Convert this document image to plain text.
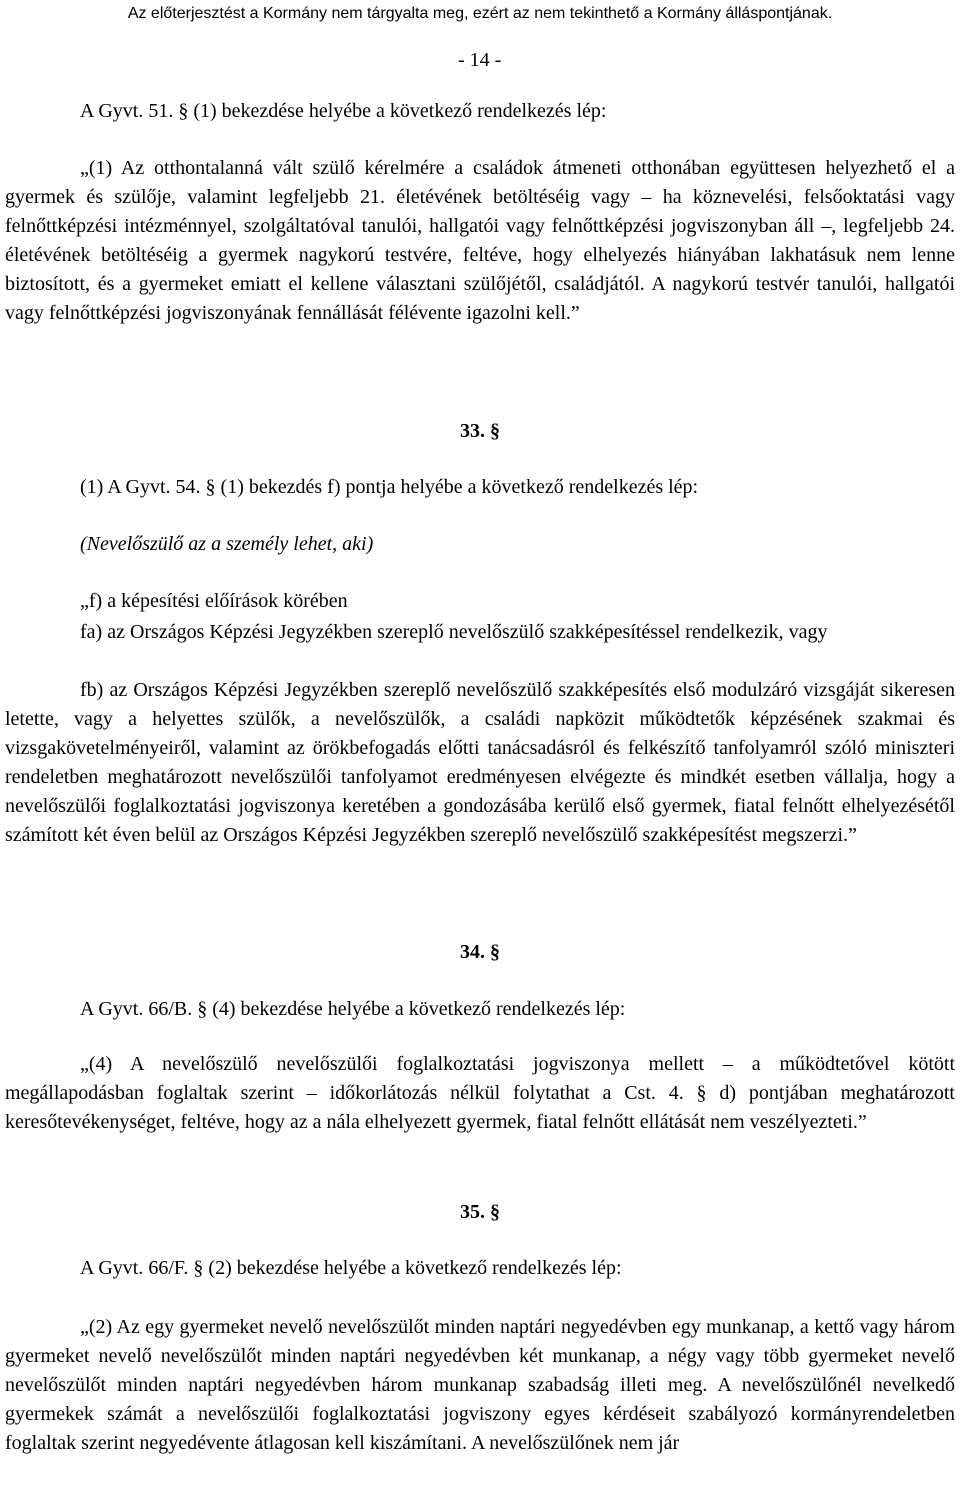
Az előterjesztést a Kormány nem tárgyalta meg, ezért az nem tekinthető a Kormány álláspontjának.
- 14 -
A Gyvt. 51. § (1) bekezdése helyébe a következő rendelkezés lép:
„(1) Az otthontalanná vált szülő kérelmére a családok átmeneti otthonában együttesen helyezhető el a gyermek és szülője, valamint legfeljebb 21. életévének betöltéséig vagy ‒ ha köznevelési, felsőoktatási vagy felnőttképzési intézménnyel, szolgáltatóval tanulói, hallgatói vagy felnőttképzési jogviszonyban áll ‒, legfeljebb 24. életévének betöltéséig a gyermek nagykorú testvére, feltéve, hogy elhelyezés hiányában lakhatásuk nem lenne biztosított, és a gyermeket emiatt el kellene választani szülőjétől, családjától. A nagykorú testvér tanulói, hallgatói vagy felnőttképzési jogviszonyának fennállását félévente igazolni kell.”
33. §
(1) A Gyvt. 54. § (1) bekezdés f) pontja helyébe a következő rendelkezés lép:
(Nevelőszülő az a személy lehet, aki)
„f) a képesítési előírások körében
fa) az Országos Képzési Jegyzékben szereplő nevelőszülő szakképesítéssel rendelkezik, vagy
fb) az Országos Képzési Jegyzékben szereplő nevelőszülő szakképesítés első modulzáró vizsgáját sikeresen letette, vagy a helyettes szülők, a nevelőszülők, a családi napközit működtetők képzésének szakmai és vizsgakövetelményeiről, valamint az örökbefogadás előtti tanácsadásról és felkészítő tanfolyamról szóló miniszteri rendeletben meghatározott nevelőszülői tanfolyamot eredményesen elvégezte és mindkét esetben vállalja, hogy a nevelőszülői foglalkoztatási jogviszonya keretében a gondozásába kerülő első gyermek, fiatal felnőtt elhelyezésétől számított két éven belül az Országos Képzési Jegyzékben szereplő nevelőszülő szakképesítést megszerzi.”
34. §
A Gyvt. 66/B. § (4) bekezdése helyébe a következő rendelkezés lép:
„(4) A nevelőszülő nevelőszülői foglalkoztatási jogviszonya mellett ‒ a működtetővel kötött megállapodásban foglaltak szerint ‒ időkorlátozás nélkül folytathat a Cst. 4. § d) pontjában meghatározott keresőtevékenységet, feltéve, hogy az a nála elhelyezett gyermek, fiatal felnőtt ellátását nem veszélyezteti.”
35. §
A Gyvt. 66/F. § (2) bekezdése helyébe a következő rendelkezés lép:
„(2) Az egy gyermeket nevelő nevelőszülőt minden naptári negyedévben egy munkanap, a kettő vagy három gyermeket nevelő nevelőszülőt minden naptári negyedévben két munkanap, a négy vagy több gyermeket nevelő nevelőszülőt minden naptári negyedévben három munkanap szabadság illeti meg. A nevelőszülőnél nevelkedő gyermekek számát a nevelőszülői foglalkoztatási jogviszony egyes kérdéseit szabályozó kormányrendeletben foglaltak szerint negyedévente átlagosan kell kiszámítani. A nevelőszülőnek nem jár
